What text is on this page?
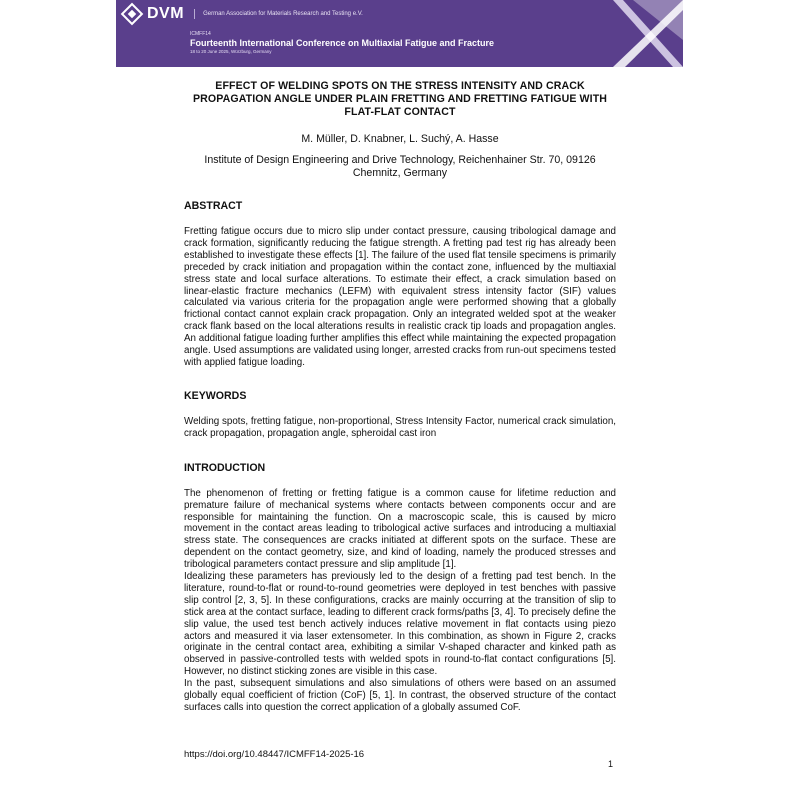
DVM	German Association for Materials Research and Testing e.V.
ICMFF14
Fourteenth International Conference on Multiaxial Fatigue and Fracture
18 to 20 June 2025, Würzburg, Germany
EFFECT OF WELDING SPOTS ON THE STRESS INTENSITY AND CRACK PROPAGATION ANGLE UNDER PLAIN FRETTING AND FRETTING FATIGUE WITH FLAT-FLAT CONTACT
M. Müller, D. Knabner, L. Suchý, A. Hasse
Institute of Design Engineering and Drive Technology, Reichenhainer Str. 70, 09126 Chemnitz, Germany
ABSTRACT

Fretting fatigue occurs due to micro slip under contact pressure, causing tribological damage and crack formation, significantly reducing the fatigue strength. A fretting pad test rig has already been established to investigate these effects [1]. The failure of the used flat tensile specimens is primarily preceded by crack initiation and propagation within the contact zone, influenced by the multiaxial stress state and local surface alterations. To estimate their effect, a crack simulation based on linear-elastic fracture mechanics (LEFM) with equivalent stress intensity factor (SIF) values calculated via various criteria for the propagation angle were performed showing that a globally frictional contact cannot explain crack propagation. Only an integrated welded spot at the weaker crack flank based on the local alterations results in realistic crack tip loads and propagation angles. An additional fatigue loading further amplifies this effect while maintaining the expected propagation angle. Used assumptions are validated using longer, arrested cracks from run-out specimens tested with applied fatigue loading.

KEYWORDS

Welding spots, fretting fatigue, non-proportional, Stress Intensity Factor, numerical crack simulation, crack propagation, propagation angle, spheroidal cast iron

INTRODUCTION

The phenomenon of fretting or fretting fatigue is a common cause for lifetime reduction and premature failure of mechanical systems where contacts between components occur and are responsible for maintaining the function. On a macroscopic scale, this is caused by micro movement in the contact areas leading to tribological active surfaces and introducing a multiaxial stress state. The consequences are cracks initiated at different spots on the surface. These are dependent on the contact geometry, size, and kind of loading, namely the produced stresses and tribological parameters contact pressure and slip amplitude [1].

Idealizing these parameters has previously led to the design of a fretting pad test bench. In the literature, round-to-flat or round-to-round geometries were deployed in test benches with passive slip control [2, 3, 5]. In these configurations, cracks are mainly occurring at the transition of slip to stick area at the contact surface, leading to different crack forms/paths [3, 4]. To precisely define the slip value, the used test bench actively induces relative movement in flat contacts using piezo actors and measured it via laser extensometer. In this combination, as shown in Figure 2, cracks originate in the central contact area, exhibiting a similar V-shaped character and kinked path as observed in passive-controlled tests with welded spots in round-to-flat contact configurations [5]. However, no distinct sticking zones are visible in this case.

In the past, subsequent simulations and also simulations of others were based on an assumed globally equal coefficient of friction (CoF) [5, 1]. In contrast, the observed structure of the contact surfaces calls into question the correct application of a globally assumed CoF.

https://doi.org/10.48447/ICMFF14-2025-16
1
